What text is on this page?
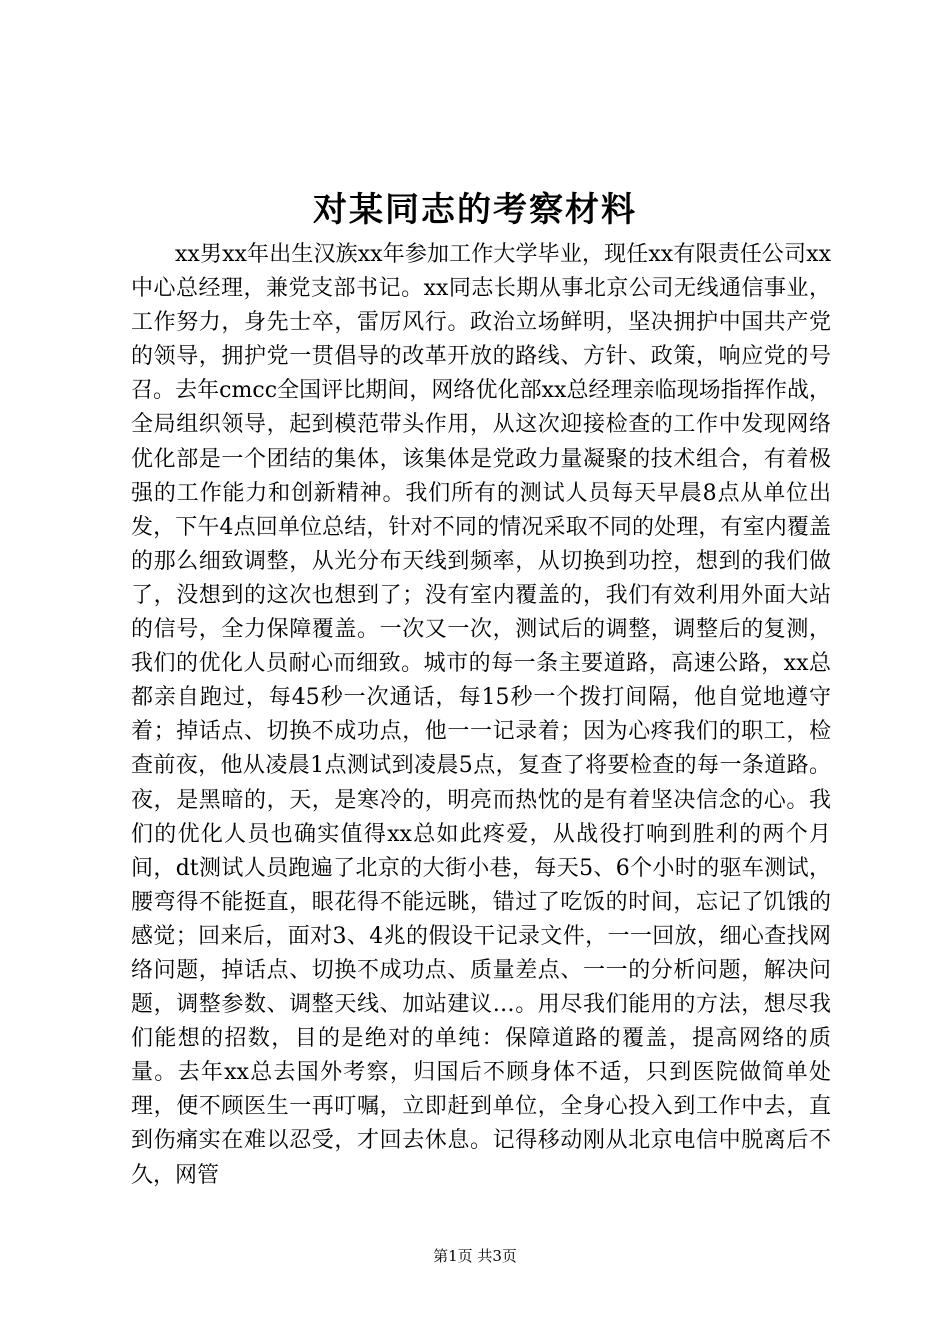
对某同志的考察材料

xx男xx年出生汉族xx年参加工作大学毕业，现任xx有限责任公司xx中心总经理，兼党支部书记。xx同志长期从事北京公司无线通信事业，工作努力，身先士卒，雷厉风行。政治立场鲜明，坚决拥护中国共产党的领导，拥护党一贯倡导的改革开放的路线、方针、政策，响应党的号召。去年cmcc全国评比期间，网络优化部xx总经理亲临现场指挥作战，全局组织领导，起到模范带头作用，从这次迎接检查的工作中发现网络优化部是一个团结的集体，该集体是党政力量凝聚的技术组合，有着极强的工作能力和创新精神。我们所有的测试人员每天早晨8点从单位出发，下午4点回单位总结，针对不同的情况采取不同的处理，有室内覆盖的那么细致调整，从光分布天线到频率，从切换到功控，想到的我们做了，没想到的这次也想到了；没有室内覆盖的，我们有效利用外面大站的信号，全力保障覆盖。一次又一次，测试后的调整，调整后的复测，我们的优化人员耐心而细致。城市的每一条主要道路，高速公路，xx总都亲自跑过，每45秒一次通话，每15秒一个拨打间隔，他自觉地遵守着；掉话点、切换不成功点，他一一记录着；因为心疼我们的职工，检查前夜，他从凌晨1点测试到凌晨5点，复查了将要检查的每一条道路。夜，是黑暗的，天，是寒冷的，明亮而热忱的是有着坚决信念的心。我们的优化人员也确实值得xx总如此疼爱，从战役打响到胜利的两个月间，dt测试人员跑遍了北京的大街小巷，每天5、6个小时的驱车测试，腰弯得不能挺直，眼花得不能远眺，错过了吃饭的时间，忘记了饥饿的感觉；回来后，面对3、4兆的假设干记录文件，一一回放，细心查找网络问题，掉话点、切换不成功点、质量差点、一一的分析问题，解决问题，调整参数、调整天线、加站建议…。用尽我们能用的方法，想尽我们能想的招数，目的是绝对的单纯：保障道路的覆盖，提高网络的质量。去年xx总去国外考察，归国后不顾身体不适，只到医院做简单处理，便不顾医生一再叮嘱，立即赶到单位，全身心投入到工作中去，直到伤痛实在难以忍受，才回去休息。记得移动刚从北京电信中脱离后不久，网管

第1页 共3页
